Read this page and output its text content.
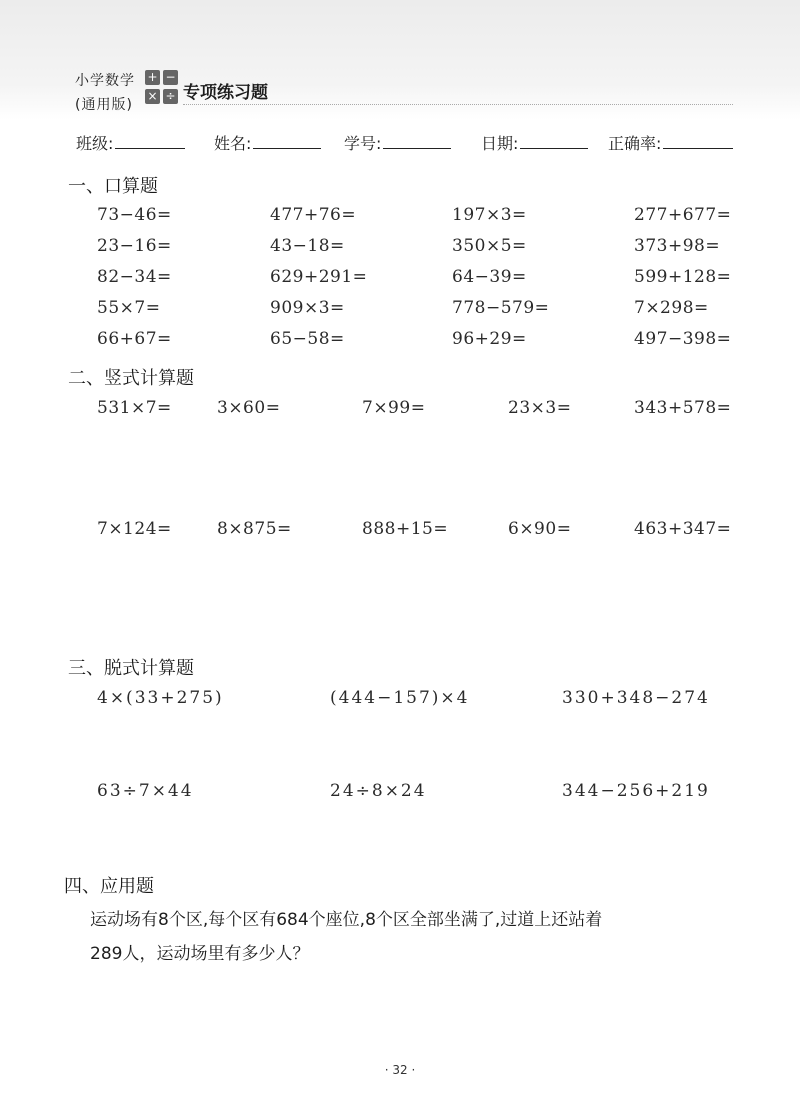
小学数学
(通用版)
+ −
× ÷ 专项练习题
班级:	姓名:	学号:	日期:	正确率:
一、口算题
73−46=	477+76=	197×3=	277+677=
23−16=	43−18=	350×5=	373+98=
82−34=	629+291=	64−39=	599+128=
55×7=	909×3=	778−579=	7×298=
66+67=	65−58=	96+29=	497−398=
二、竖式计算题
531×7=	3×60=	7×99=	23×3=	343+578=
7×124=	8×875=	888+15=	6×90=	463+347=
三、脱式计算题
4×(33+275)	(444−157)×4	330+348−274
63÷7×44	24÷8×24	344−256+219
四、应用题
运动场有8个区,每个区有684个座位,8个区全部坐满了,过道上还站着
289人，运动场里有多少人？
· 32 ·
